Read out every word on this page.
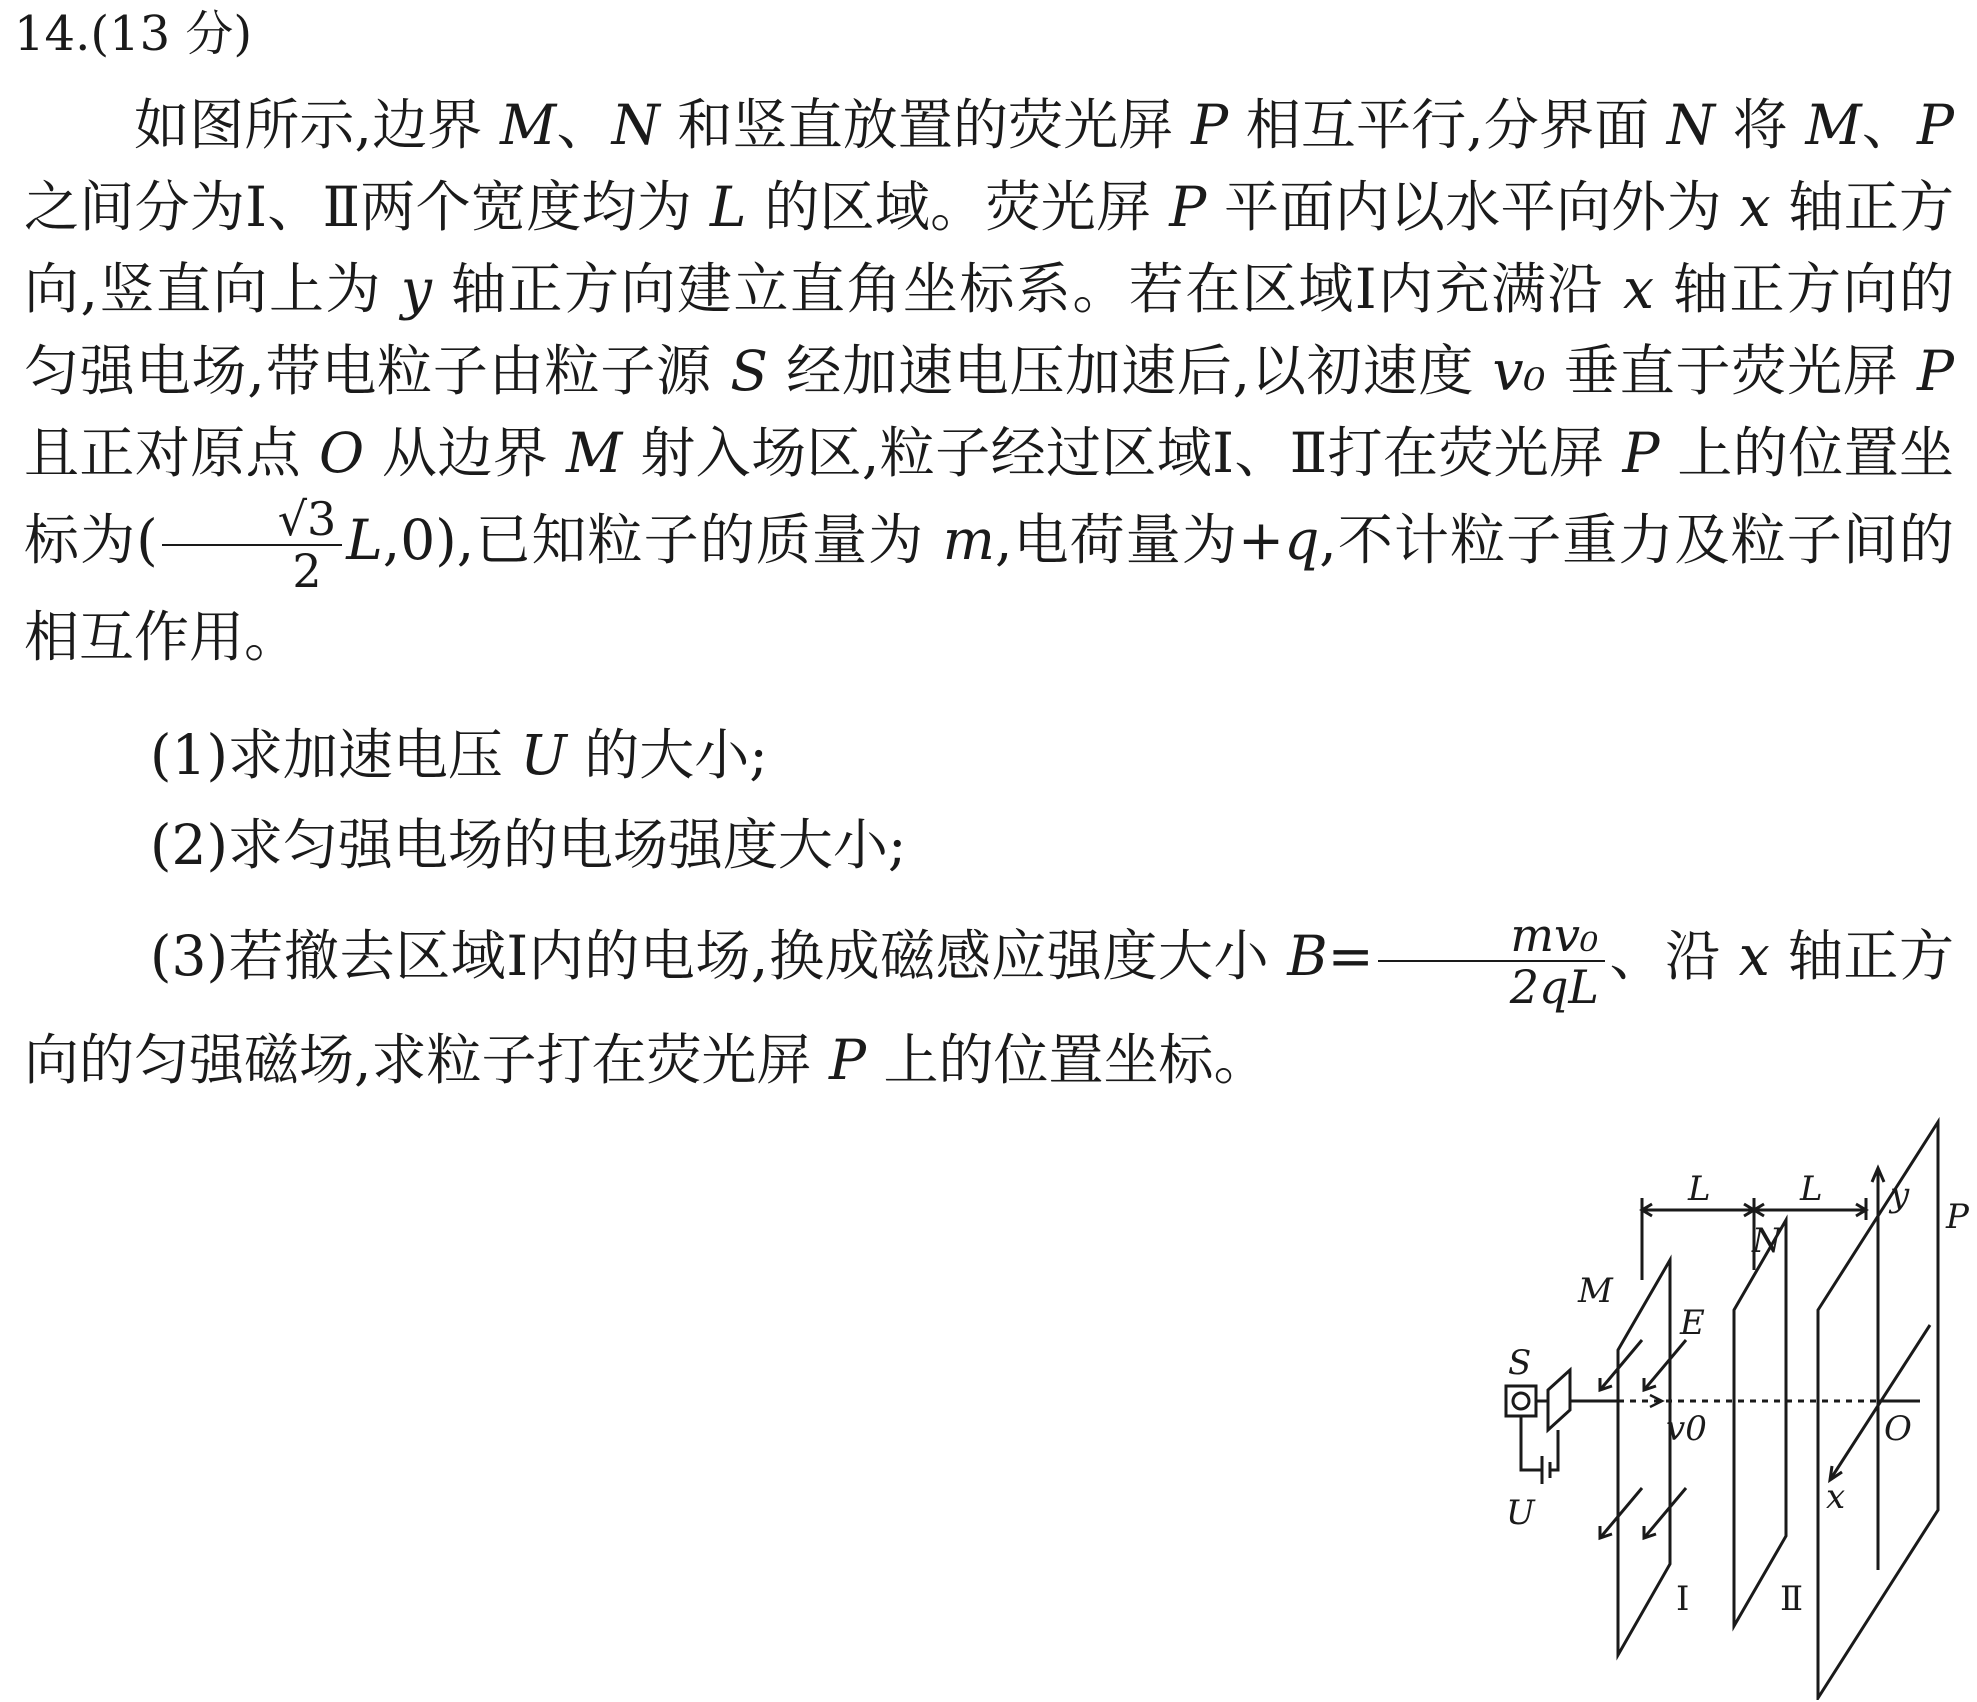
14.(13 分)
如图所示,边界 M、N 和竖直放置的荧光屏 P 相互平行,分界面 N 将 M、P 之间分为Ⅰ、Ⅱ两个宽度均为 L 的区域。荧光屏 P 平面内以水平向外为 x 轴正方向,竖直向上为 y 轴正方向建立直角坐标系。若在区域Ⅰ内充满沿 x 轴正方向的匀强电场,带电粒子由粒子源 S 经加速电压加速后,以初速度 v₀ 垂直于荧光屏 P 且正对原点 O 从边界 M 射入场区,粒子经过区域Ⅰ、Ⅱ打在荧光屏 P 上的位置坐标为( $\frac{√3}{2} L,0$),已知粒子的质量为 m,电荷量为+q,不计粒子重力及粒子间的相互作用。
(1)求加速电压 U 的大小;
(2)求匀强电场的电场强度大小;
(3)若撤去区域Ⅰ内的电场,换成磁感应强度大小 $B= \frac{\text{mv₀}}{2qL}$ 、沿 x 轴正方向的匀强磁场,求粒子打在荧光屏 P 上的位置坐标。
L	L
M
N
P
E
S
U
v0	O
x
y
Ⅰ	Ⅱ
